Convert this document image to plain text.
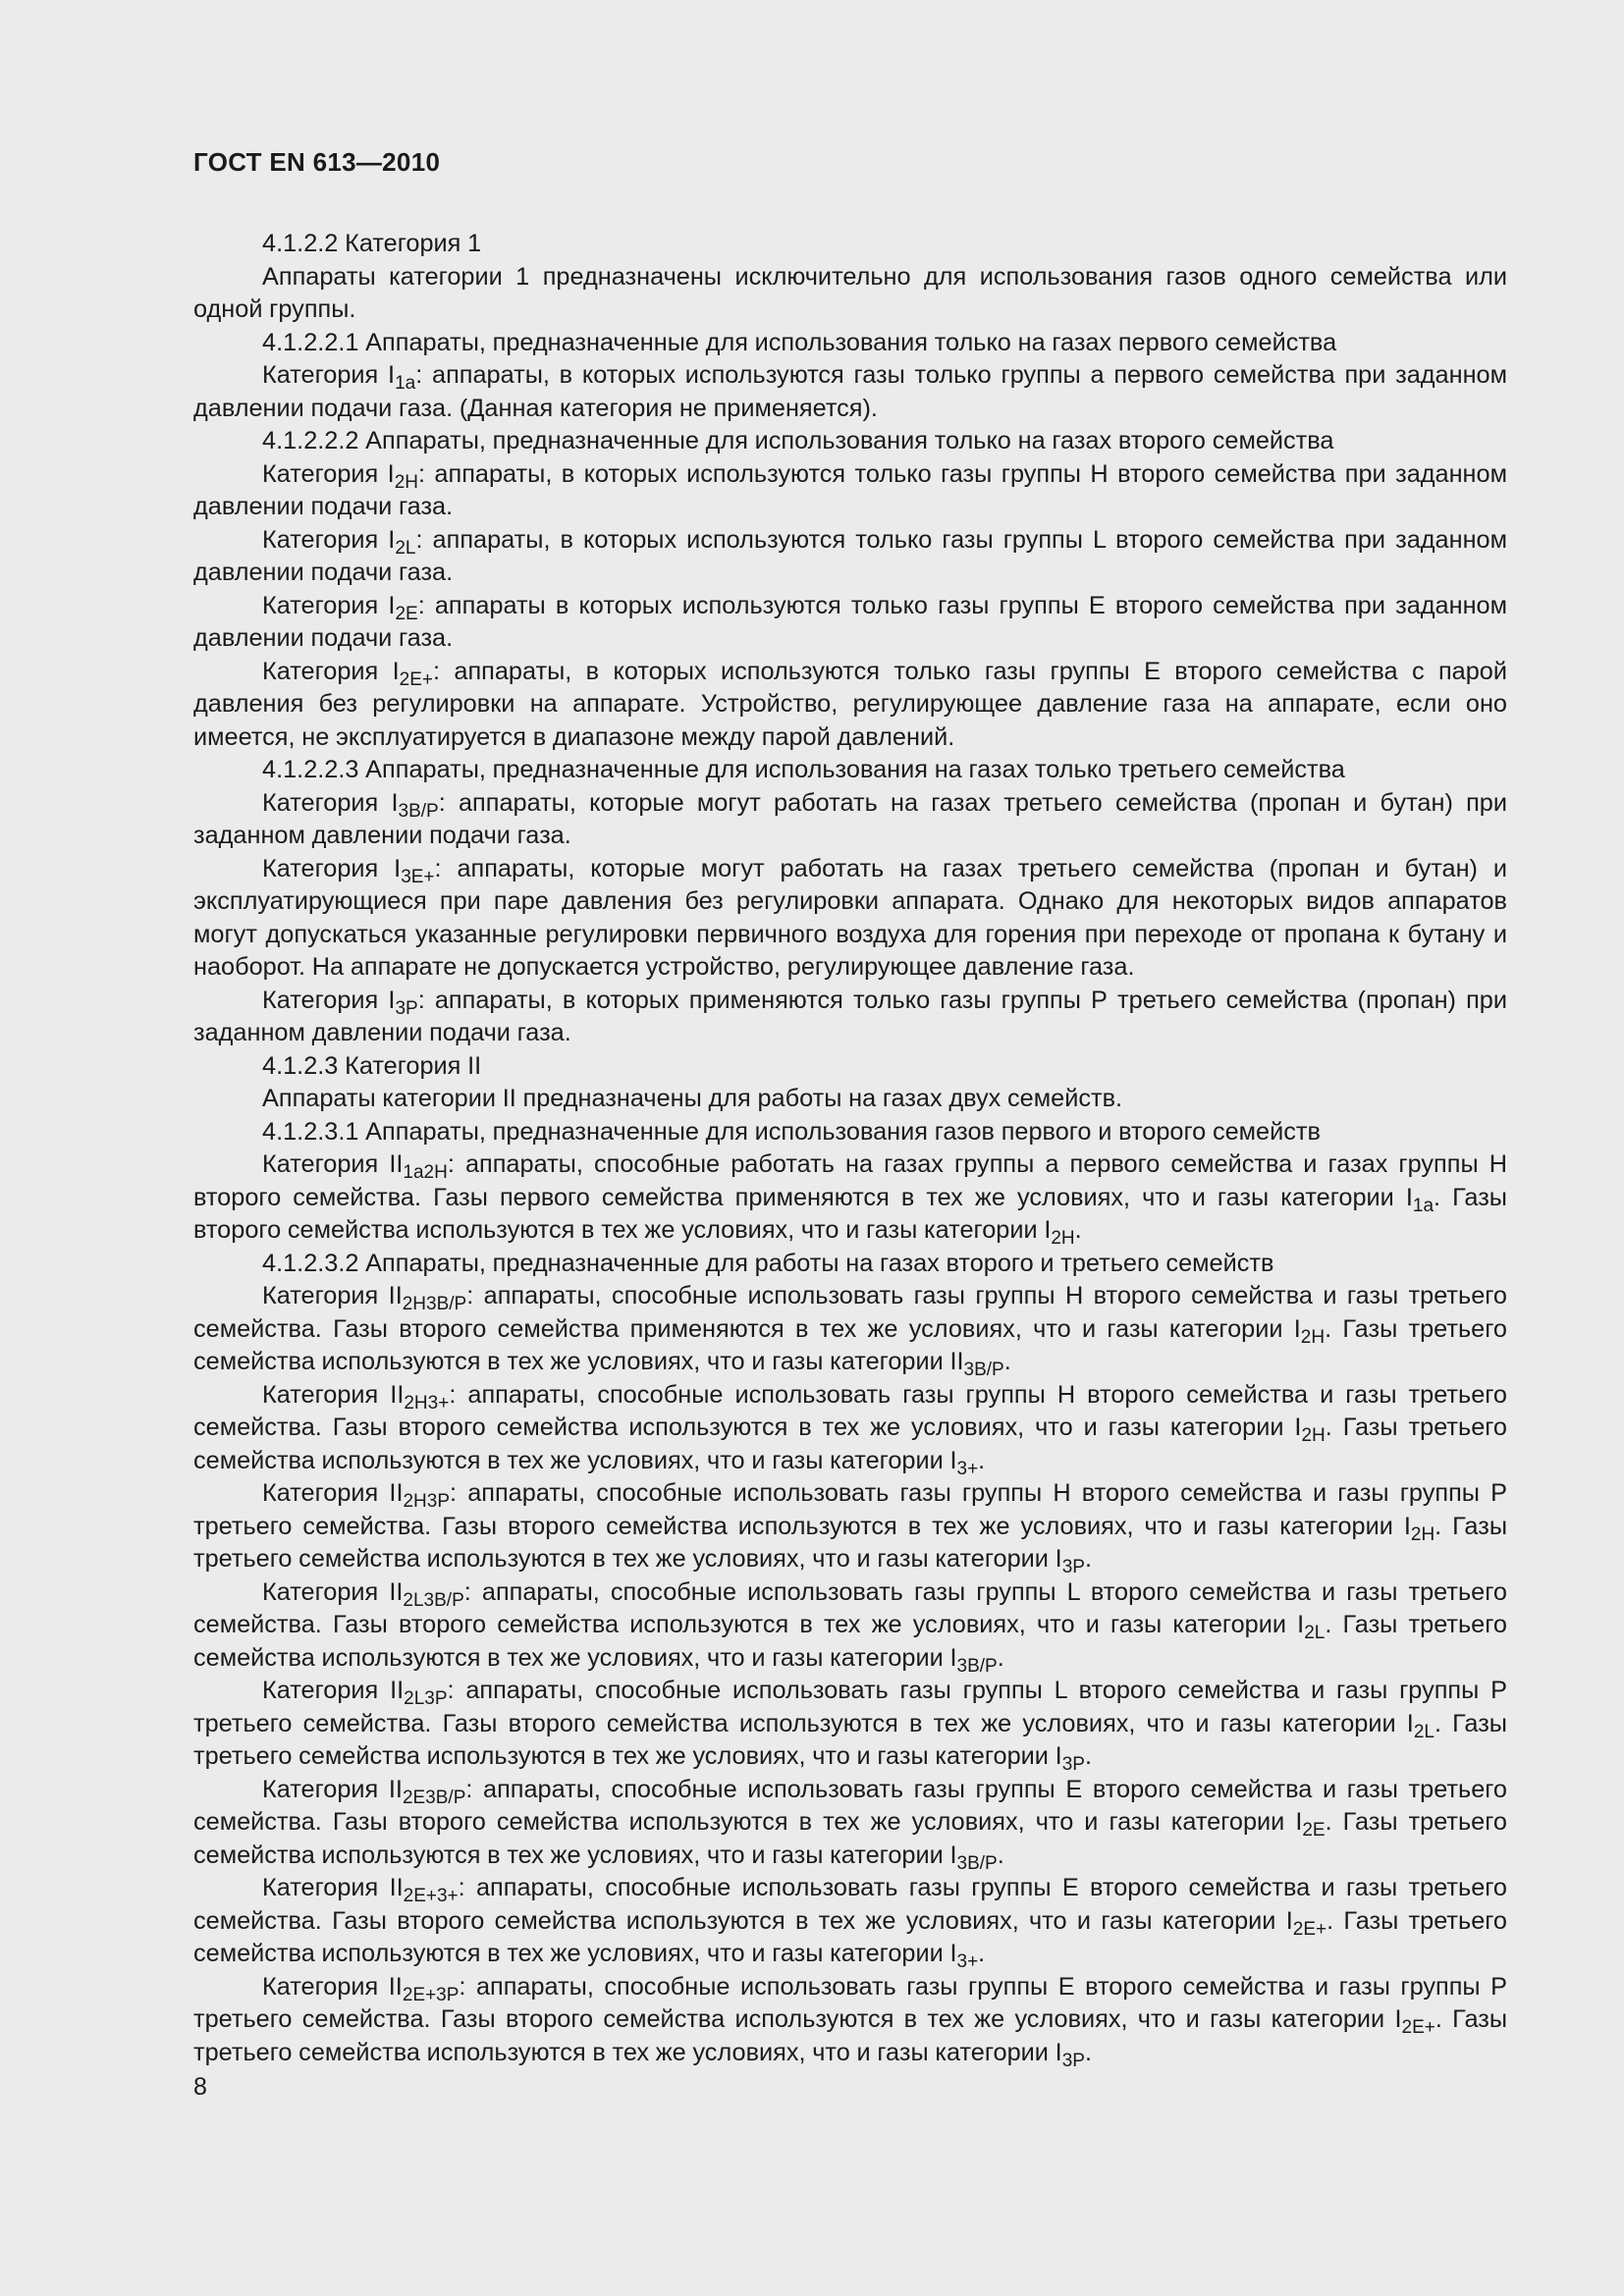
ГОСТ EN 613—2010

4.1.2.2 Категория 1

Аппараты категории 1 предназначены исключительно для использования газов одного семейства или одной группы.

4.1.2.2.1 Аппараты, предназначенные для использования только на газах первого семейства

Категория $I_{1a}$: аппараты, в которых используются газы только группы а первого семейства при заданном давлении подачи газа. (Данная категория не применяется).

4.1.2.2.2 Аппараты, предназначенные для использования только на газах второго семейства

Категория $I_{2H}$: аппараты, в которых используются только газы группы Н второго семейства при заданном давлении подачи газа.

Категория $I_{2L}$: аппараты, в которых используются только газы группы L второго семейства при заданном давлении подачи газа.

Категория $I_{2E}$: аппараты в которых используются только газы группы Е второго семейства при заданном давлении подачи газа.

Категория $I_{2E+}$: аппараты, в которых используются только газы группы Е второго семейства с парой давления без регулировки на аппарате. Устройство, регулирующее давление газа на аппарате, если оно имеется, не эксплуатируется в диапазоне между парой давлений.

4.1.2.2.3 Аппараты, предназначенные для использования на газах только третьего семейства

Категория $I_{3B/P}$: аппараты, которые могут работать на газах третьего семейства (пропан и бутан) при заданном давлении подачи газа.

Категория $I_{3E+}$: аппараты, которые могут работать на газах третьего семейства (пропан и бутан) и эксплуатирующиеся при паре давления без регулировки аппарата. Однако для некоторых видов аппаратов могут допускаться указанные регулировки первичного воздуха для горения при переходе от пропана к бутану и наоборот. На аппарате не допускается устройство, регулирующее давление газа.

Категория $I_{3P}$: аппараты, в которых применяются только газы группы Р третьего семейства (пропан) при заданном давлении подачи газа.

4.1.2.3 Категория II

Аппараты категории II предназначены для работы на газах двух семейств.

4.1.2.3.1 Аппараты, предназначенные для использования газов первого и второго семейств

Категория $II_{1a2H}$: аппараты, способные работать на газах группы а первого семейства и газах группы Н второго семейства. Газы первого семейства применяются в тех же условиях, что и газы категории $I_{1a}$. Газы второго семейства используются в тех же условиях, что и газы категории $I_{2H}$.

4.1.2.3.2 Аппараты, предназначенные для работы на газах второго и третьего семейств

Категория $II_{2H3B/P}$: аппараты, способные использовать газы группы Н второго семейства и газы третьего семейства. Газы второго семейства применяются в тех же условиях, что и газы категории $I_{2H}$. Газы третьего семейства используются в тех же условиях, что и газы категории $II_{3B/P}$.

Категория $II_{2H3+}$: аппараты, способные использовать газы группы Н второго семейства и газы третьего семейства. Газы второго семейства используются в тех же условиях, что и газы категории $I_{2H}$. Газы третьего семейства используются в тех же условиях, что и газы категории $I_{3+}$.

Категория $II_{2H3P}$: аппараты, способные использовать газы группы Н второго семейства и газы группы Р третьего семейства. Газы второго семейства используются в тех же условиях, что и газы категории $I_{2H}$. Газы третьего семейства используются в тех же условиях, что и газы категории $I_{3P}$.

Категория $II_{2L3B/P}$: аппараты, способные использовать газы группы L второго семейства и газы третьего семейства. Газы второго семейства используются в тех же условиях, что и газы категории $I_{2L}$. Газы третьего семейства используются в тех же условиях, что и газы категории $I_{3B/P}$.

Категория $II_{2L3P}$: аппараты, способные использовать газы группы L второго семейства и газы группы Р третьего семейства. Газы второго семейства используются в тех же условиях, что и газы категории $I_{2L}$. Газы третьего семейства используются в тех же условиях, что и газы категории $I_{3P}$.

Категория $II_{2E3B/P}$: аппараты, способные использовать газы группы Е второго семейства и газы третьего семейства. Газы второго семейства используются в тех же условиях, что и газы категории $I_{2E}$. Газы третьего семейства используются в тех же условиях, что и газы категории $I_{3B/P}$.

Категория $II_{2E+3+}$: аппараты, способные использовать газы группы Е второго семейства и газы третьего семейства. Газы второго семейства используются в тех же условиях, что и газы категории $I_{2E+}$. Газы третьего семейства используются в тех же условиях, что и газы категории $I_{3+}$.

Категория $II_{2E+3P}$: аппараты, способные использовать газы группы Е второго семейства и газы группы Р третьего семейства. Газы второго семейства используются в тех же условиях, что и газы категории $I_{2E+}$. Газы третьего семейства используются в тех же условиях, что и газы категории $I_{3P}$.

8
